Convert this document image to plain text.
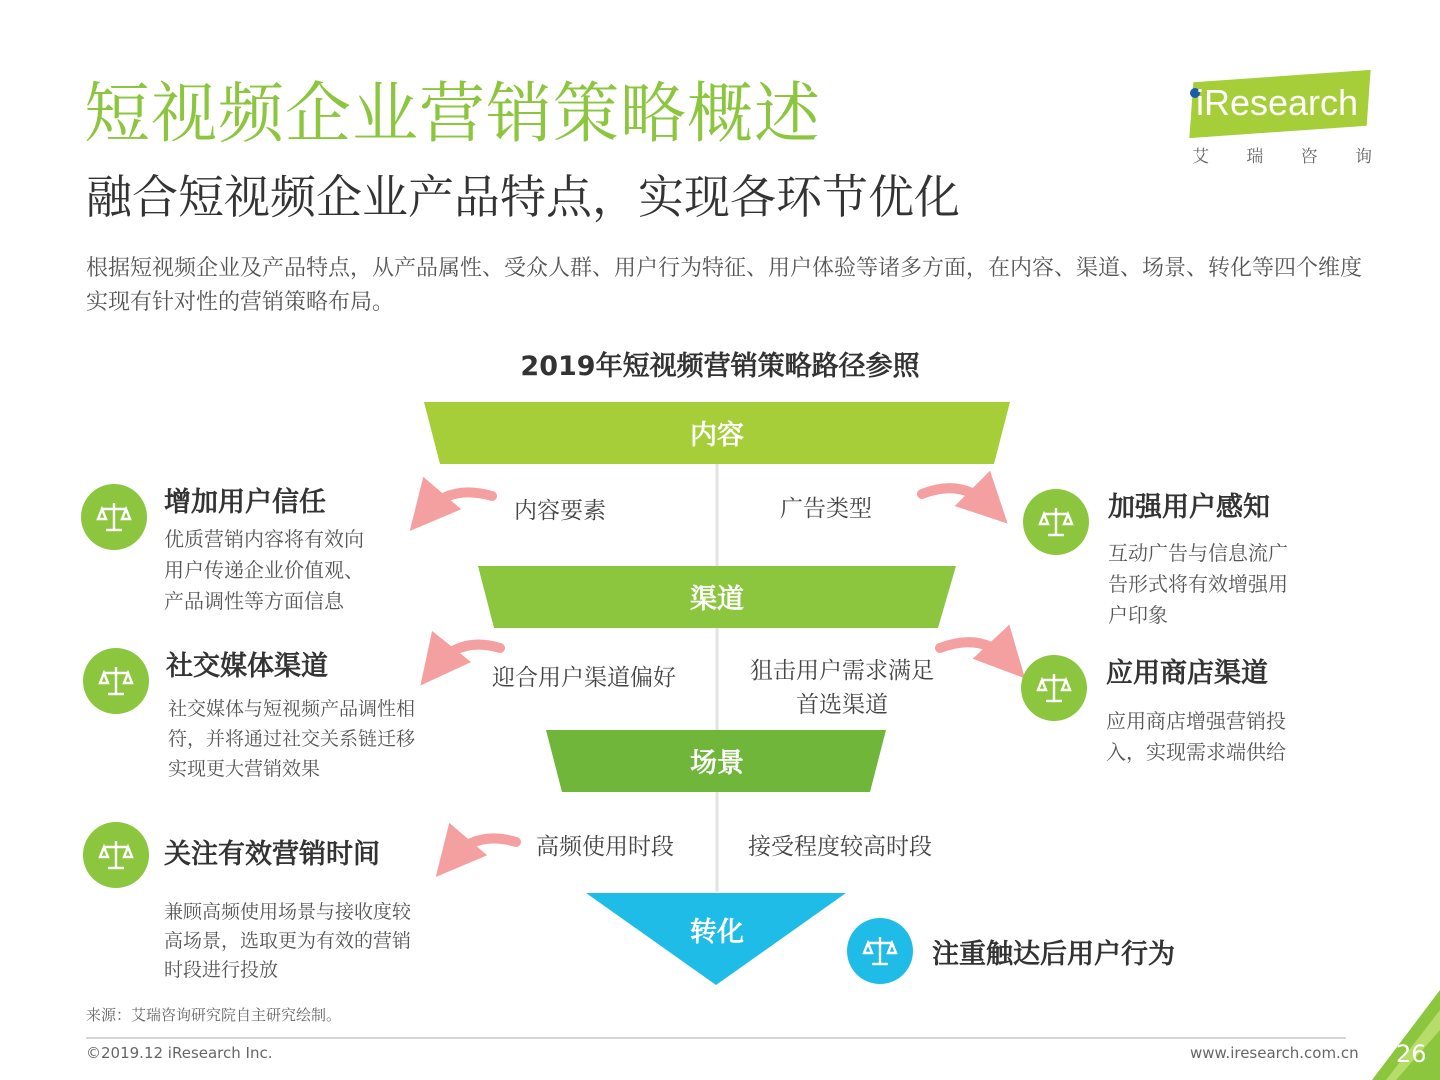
短视频企业营销策略概述
融合短视频企业产品特点，实现各环节优化
根据短视频企业及产品特点，从产品属性、受众人群、用户行为特征、用户体验等诸多方面，在内容、渠道、场景、转化等四个维度实现有针对性的营销策略布局。
iResearch
艾 瑞 咨 询
2019年短视频营销策略路径参照
内容
渠道
场景
转化
内容要素	广告类型
迎合用户渠道偏好	狙击用户需求满足
首选渠道
高频使用时段	接受程度较高时段
增加用户信任
优质营销内容将有效向
用户传递企业价值观、
产品调性等方面信息
社交媒体渠道
社交媒体与短视频产品调性相
符，并将通过社交关系链迁移
实现更大营销效果
关注有效营销时间
兼顾高频使用场景与接收度较
高场景，选取更为有效的营销
时段进行投放
加强用户感知
互动广告与信息流广
告形式将有效增强用
户印象
应用商店渠道
应用商店增强营销投
入，实现需求端供给
注重触达后用户行为
来源：艾瑞咨询研究院自主研究绘制。
©2019.12 iResearch Inc.	www.iresearch.com.cn 26
